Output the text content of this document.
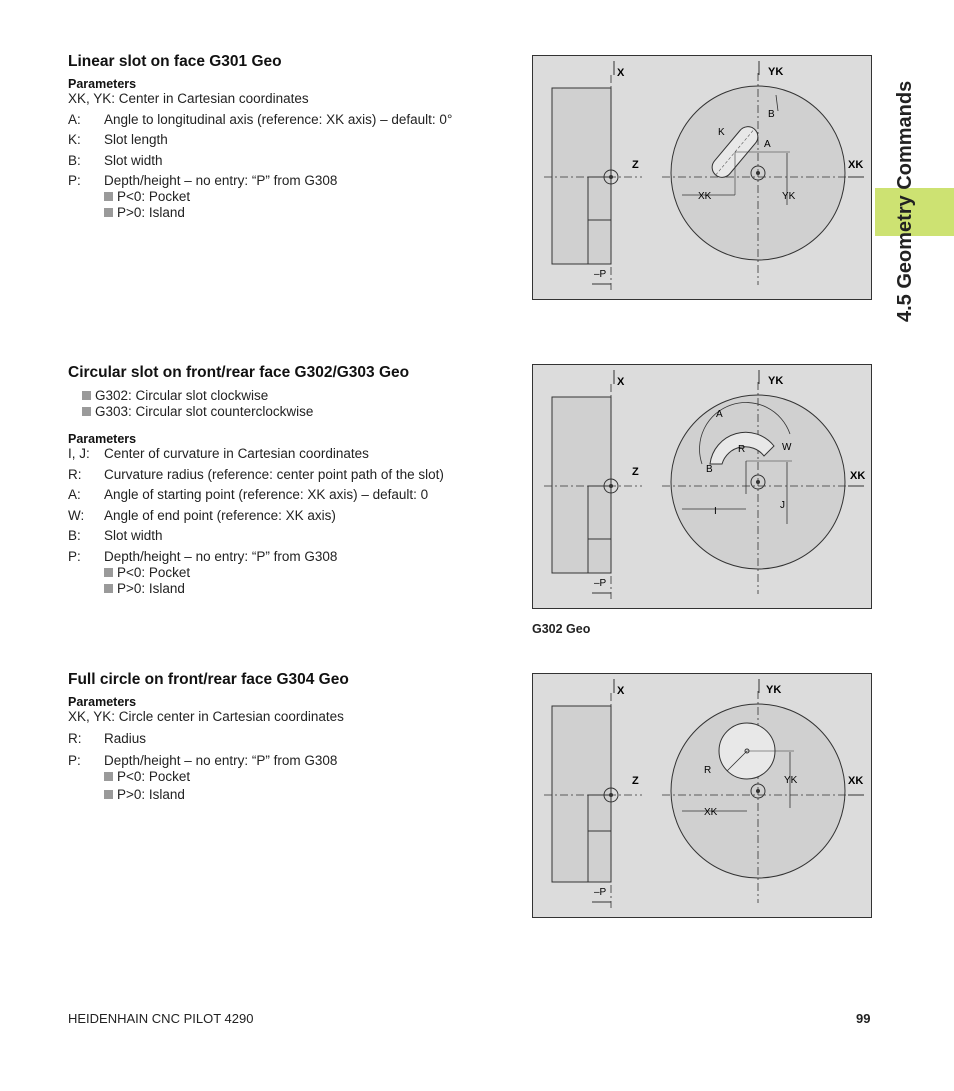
4.5 Geometry Commands

Linear slot on face G301 Geo

Parameters

XK, YK: Center in Cartesian coordinates

A:	Angle to longitudinal axis (reference: XK axis) – default: 0°
K:	Slot length
B:	Slot width
P:	Depth/height – no entry: “P” from G308
P<0: Pocket
P>0: Island
X
Z
YK
XK
–P
K
B
A
XK	YK

Circular slot on front/rear face G302/G303 Geo

G302: Circular slot clockwise
G303: Circular slot counterclockwise

Parameters

I, J:	Center of curvature in Cartesian coordinates
R:	Curvature radius (reference: center point path of the slot)
A:	Angle of starting point (reference: XK axis) – default: 0
W:	Angle of end point (reference: XK axis)
B:	Slot width
P:	Depth/height – no entry: “P” from G308
P<0: Pocket
P>0: Island
X
Z
YK
XK
–P
A
R	W
B
I
J
G302 Geo

Full circle on front/rear face G304 Geo

Parameters

XK, YK: Circle center in Cartesian coordinates

R:	Radius
P:	Depth/height – no entry: “P” from G308
P<0: Pocket
P>0: Island
X
Z
YK
XK
–P
R
YK
XK
HEIDENHAIN CNC PILOT 4290	99
